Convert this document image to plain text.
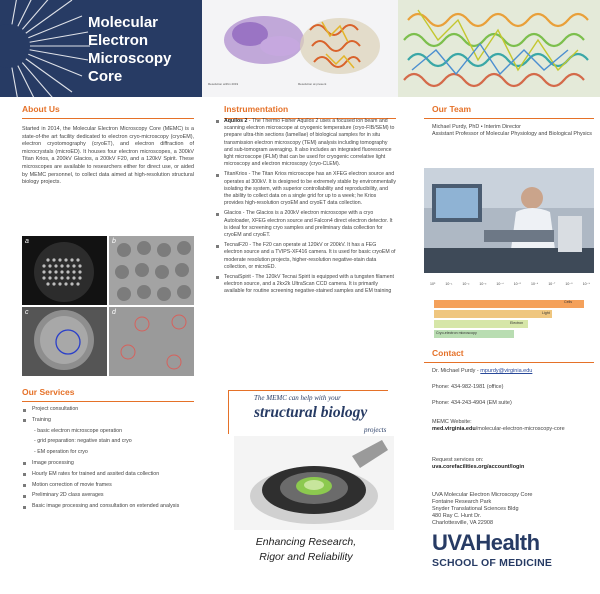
Molecular
Electron
Microscopy
Core	Resolution within 2019	Resolution at present
About Us
Started in 2014, the Molecular Electron Microscopy Core (MEMC) is a state-of-the art facility dedicated to electron cryo-microscopy (cryoEM), electron cryotomography (cryoET), and electron diffraction of microcrystals (microED). It houses four electron microscopes, a 300kV Titan Krios, a 200kV Glacios, a 200kV F20, and a 120kV Spirit. These microscopes are available to researchers either for direct use, or aided by MEMC personnel, to collect data aimed at high-resolution structural biology projects.
a	b
c	d
Our Services
Project consultation
Training
- basic electron microscope operation
- grid preparation: negative stain and cryo
- EM operation for cryo
Image processing
Hourly EM rates for trained and assited data collection
Motion correction of movie frames
Preliminary 2D class averages
Basic image processing and consultation on extended analysis
Instrumentation
Aquilos 2 - The Thermo Fisher Aquilos 2 uses a focused ion beam and scanning electron microscope at cryogenic temperature (cryo-FIB/SEM) to prepare ultra-thin sections (lamellae) of biological samples for in situ transmission electron microscopy (TEM) analysis including tomography and sub-tomogram averaging. It also includes an integrated fluorescence light microscope (iFLM) that can be used for cryogenic correlative light microscopy and electron microscopy (cryo-CLEM).
TitanKrios - The Titan Krios microscope has an XFEG electron source and operates at 300kV. It is designed to be extremely stable by environmentally isolating the system, with superior controllability and reproducibility, and the ability to collect data on a single grid for up to a week; he Krios provides high-resolution cryoEM and cryoET data collection.
Glacios - The Glacios is a 200kV electron microscope with a cryo Autoloader, XFEG electron source and Falcon4 direct electron detector. It is ideal for screening cryo samples and preliminary data collection for cryoEM and cryoET.
TecnaiF20 - The F20 can operate at 120kV or 200kV. It has a FEG electron source and a TVIPS-XF416 camera. It is used for basic cryoEM of moderate resolution projects, higher-resolution negative-stain data collection, or microED.
TecnaiSpirit - The 120kV Tecnai Spirit is equipped with a tungsten filament electron source, and a 2kx2k UltraScan CCD camera. It is primarily available for routine screening negative-stained samples and EM training
The MEMC can help with your
structural biology
projects
Enhancing Research,
Rigor and Reliability
Our Team
Michael Purdy, PhD • Interim Director
Assistant Professor of Molecular Physiology and Biological Physics
10⁰	10⁻¹	10⁻²	10⁻³	10⁻⁴	10⁻⁵	10⁻⁶	10⁻⁷	10⁻⁸	10⁻⁹
Cells
Light
Electron
Cryo-electron microscopy
Contact
Dr. Michael Purdy - mpurdy@virginia.edu
Phone: 434-982-1981 (office)
Phone: 434-243-4904 (EM suite)
MEMC Website:
med.virginia.edu/molecular-electron-microscopy-core
Request services on:
uva.corefacilities.org/account/login
UVA Molecular Electron Microscopy Core
Fontaine Research Park
Snyder Translational Sciences Bldg
480 Ray C. Hunt Dr.
Charlottesville, VA 22908
UVAHealth
SCHOOL OF MEDICINE
